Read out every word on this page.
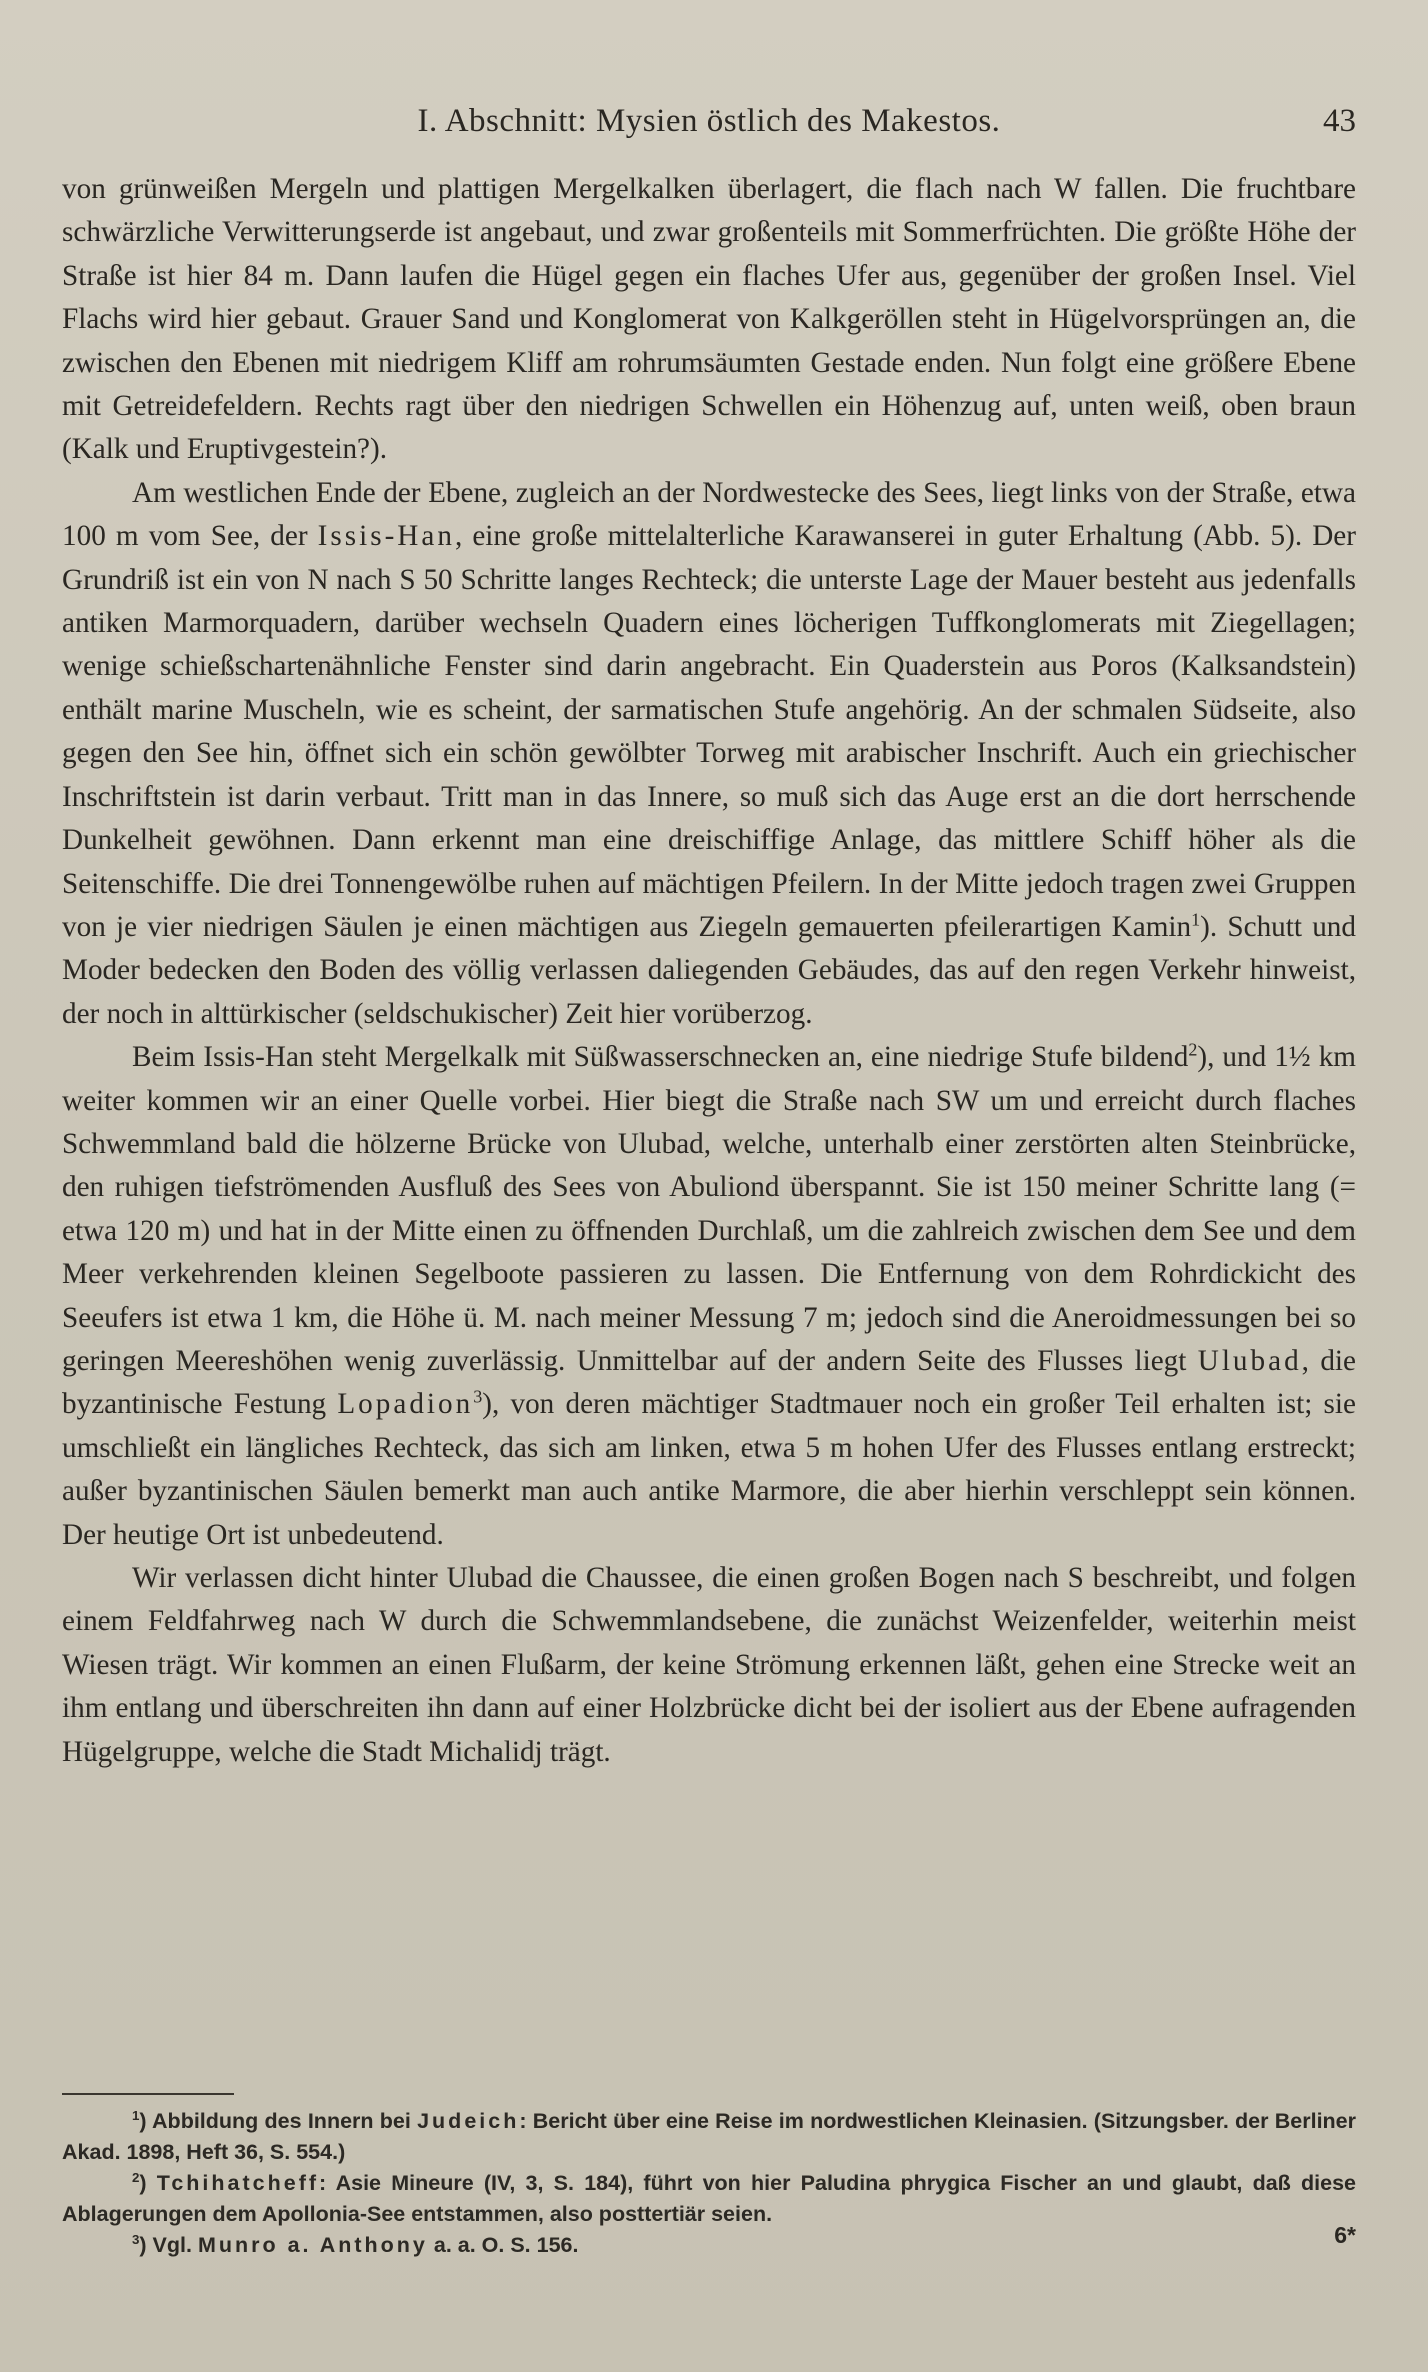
I. Abschnitt: Mysien östlich des Makestos.	43

von grünweißen Mergeln und plattigen Mergelkalken überlagert, die flach nach W fallen. Die fruchtbare schwärzliche Verwitterungserde ist angebaut, und zwar großenteils mit Sommerfrüchten. Die größte Höhe der Straße ist hier 84 m. Dann laufen die Hügel gegen ein flaches Ufer aus, gegenüber der großen Insel. Viel Flachs wird hier gebaut. Grauer Sand und Konglomerat von Kalkgeröllen steht in Hügelvorsprüngen an, die zwischen den Ebenen mit niedrigem Kliff am rohrumsäumten Gestade enden. Nun folgt eine größere Ebene mit Getreidefeldern. Rechts ragt über den niedrigen Schwellen ein Höhenzug auf, unten weiß, oben braun (Kalk und Eruptivgestein?).

Am westlichen Ende der Ebene, zugleich an der Nordwestecke des Sees, liegt links von der Straße, etwa 100 m vom See, der Issis-Han, eine große mittelalterliche Karawanserei in guter Erhaltung (Abb. 5). Der Grundriß ist ein von N nach S 50 Schritte langes Rechteck; die unterste Lage der Mauer besteht aus jedenfalls antiken Marmorquadern, darüber wechseln Quadern eines löcherigen Tuffkonglomerats mit Ziegellagen; wenige schießschartenähnliche Fenster sind darin angebracht. Ein Quaderstein aus Poros (Kalksandstein) enthält marine Muscheln, wie es scheint, der sarmatischen Stufe angehörig. An der schmalen Südseite, also gegen den See hin, öffnet sich ein schön gewölbter Torweg mit arabischer Inschrift. Auch ein griechischer Inschriftstein ist darin verbaut. Tritt man in das Innere, so muß sich das Auge erst an die dort herrschende Dunkelheit gewöhnen. Dann erkennt man eine dreischiffige Anlage, das mittlere Schiff höher als die Seitenschiffe. Die drei Tonnengewölbe ruhen auf mächtigen Pfeilern. In der Mitte jedoch tragen zwei Gruppen von je vier niedrigen Säulen je einen mächtigen aus Ziegeln gemauerten pfeilerartigen Kamin$^1$). Schutt und Moder bedecken den Boden des völlig verlassen daliegenden Gebäudes, das auf den regen Verkehr hinweist, der noch in alttürkischer (seldschukischer) Zeit hier vorüberzog.

Beim Issis-Han steht Mergelkalk mit Süßwasserschnecken an, eine niedrige Stufe bildend$^2$), und 1½ km weiter kommen wir an einer Quelle vorbei. Hier biegt die Straße nach SW um und erreicht durch flaches Schwemmland bald die hölzerne Brücke von Ulubad, welche, unterhalb einer zerstörten alten Steinbrücke, den ruhigen tiefströmenden Ausfluß des Sees von Abuliond überspannt. Sie ist 150 meiner Schritte lang (= etwa 120 m) und hat in der Mitte einen zu öffnenden Durchlaß, um die zahlreich zwischen dem See und dem Meer verkehrenden kleinen Segelboote passieren zu lassen. Die Entfernung von dem Rohrdickicht des Seeufers ist etwa 1 km, die Höhe ü. M. nach meiner Messung 7 m; jedoch sind die Aneroidmessungen bei so geringen Meereshöhen wenig zuverlässig. Unmittelbar auf der andern Seite des Flusses liegt Ulubad, die byzantinische Festung Lopadion$^3$), von deren mächtiger Stadtmauer noch ein großer Teil erhalten ist; sie umschließt ein längliches Rechteck, das sich am linken, etwa 5 m hohen Ufer des Flusses entlang erstreckt; außer byzantinischen Säulen bemerkt man auch antike Marmore, die aber hierhin verschleppt sein können. Der heutige Ort ist unbedeutend.

Wir verlassen dicht hinter Ulubad die Chaussee, die einen großen Bogen nach S beschreibt, und folgen einem Feldfahrweg nach W durch die Schwemmlandsebene, die zunächst Weizenfelder, weiterhin meist Wiesen trägt. Wir kommen an einen Flußarm, der keine Strömung erkennen läßt, gehen eine Strecke weit an ihm entlang und überschreiten ihn dann auf einer Holzbrücke dicht bei der isoliert aus der Ebene aufragenden Hügelgruppe, welche die Stadt Michalidj trägt.

$^1$) Abbildung des Innern bei Judeich: Bericht über eine Reise im nordwestlichen Kleinasien. (Sitzungsber. der Berliner Akad. 1898, Heft 36, S. 554.)

$^2$) Tchihatcheff: Asie Mineure (IV, 3, S. 184), führt von hier Paludina phrygica Fischer an und glaubt, daß diese Ablagerungen dem Apollonia-See entstammen, also posttertiär seien.

$^3$) Vgl. Munro a. Anthony a. a. O. S. 156.	6*
